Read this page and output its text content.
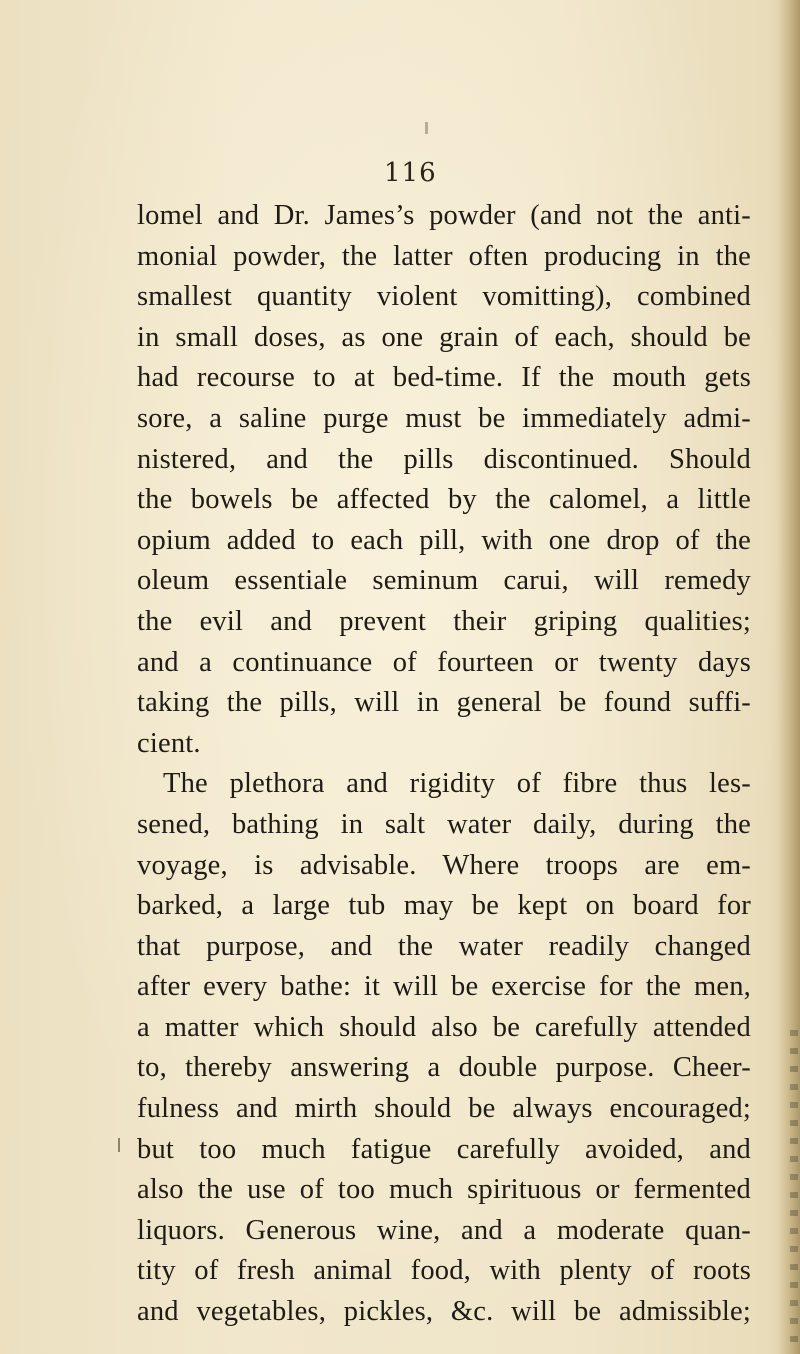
116
lomel and Dr. James’s powder (and not the anti-
monial powder, the latter often producing in the
smallest quantity violent vomitting), combined
in small doses, as one grain of each, should be
had recourse to at bed-time. If the mouth gets
sore, a saline purge must be immediately admi-
nistered, and the pills discontinued. Should
the bowels be affected by the calomel, a little
opium added to each pill, with one drop of the
oleum essentiale seminum carui, will remedy
the evil and prevent their griping qualities;
and a continuance of fourteen or twenty days
taking the pills, will in general be found suffi-
cient.
The plethora and rigidity of fibre thus les-
sened, bathing in salt water daily, during the
voyage, is advisable. Where troops are em-
barked, a large tub may be kept on board for
that purpose, and the water readily changed
after every bathe: it will be exercise for the men,
a matter which should also be carefully attended
to, thereby answering a double purpose. Cheer-
fulness and mirth should be always encouraged;
but too much fatigue carefully avoided, and
also the use of too much spirituous or fermented
liquors. Generous wine, and a moderate quan-
tity of fresh animal food, with plenty of roots
and vegetables, pickles, &c. will be admissible;
